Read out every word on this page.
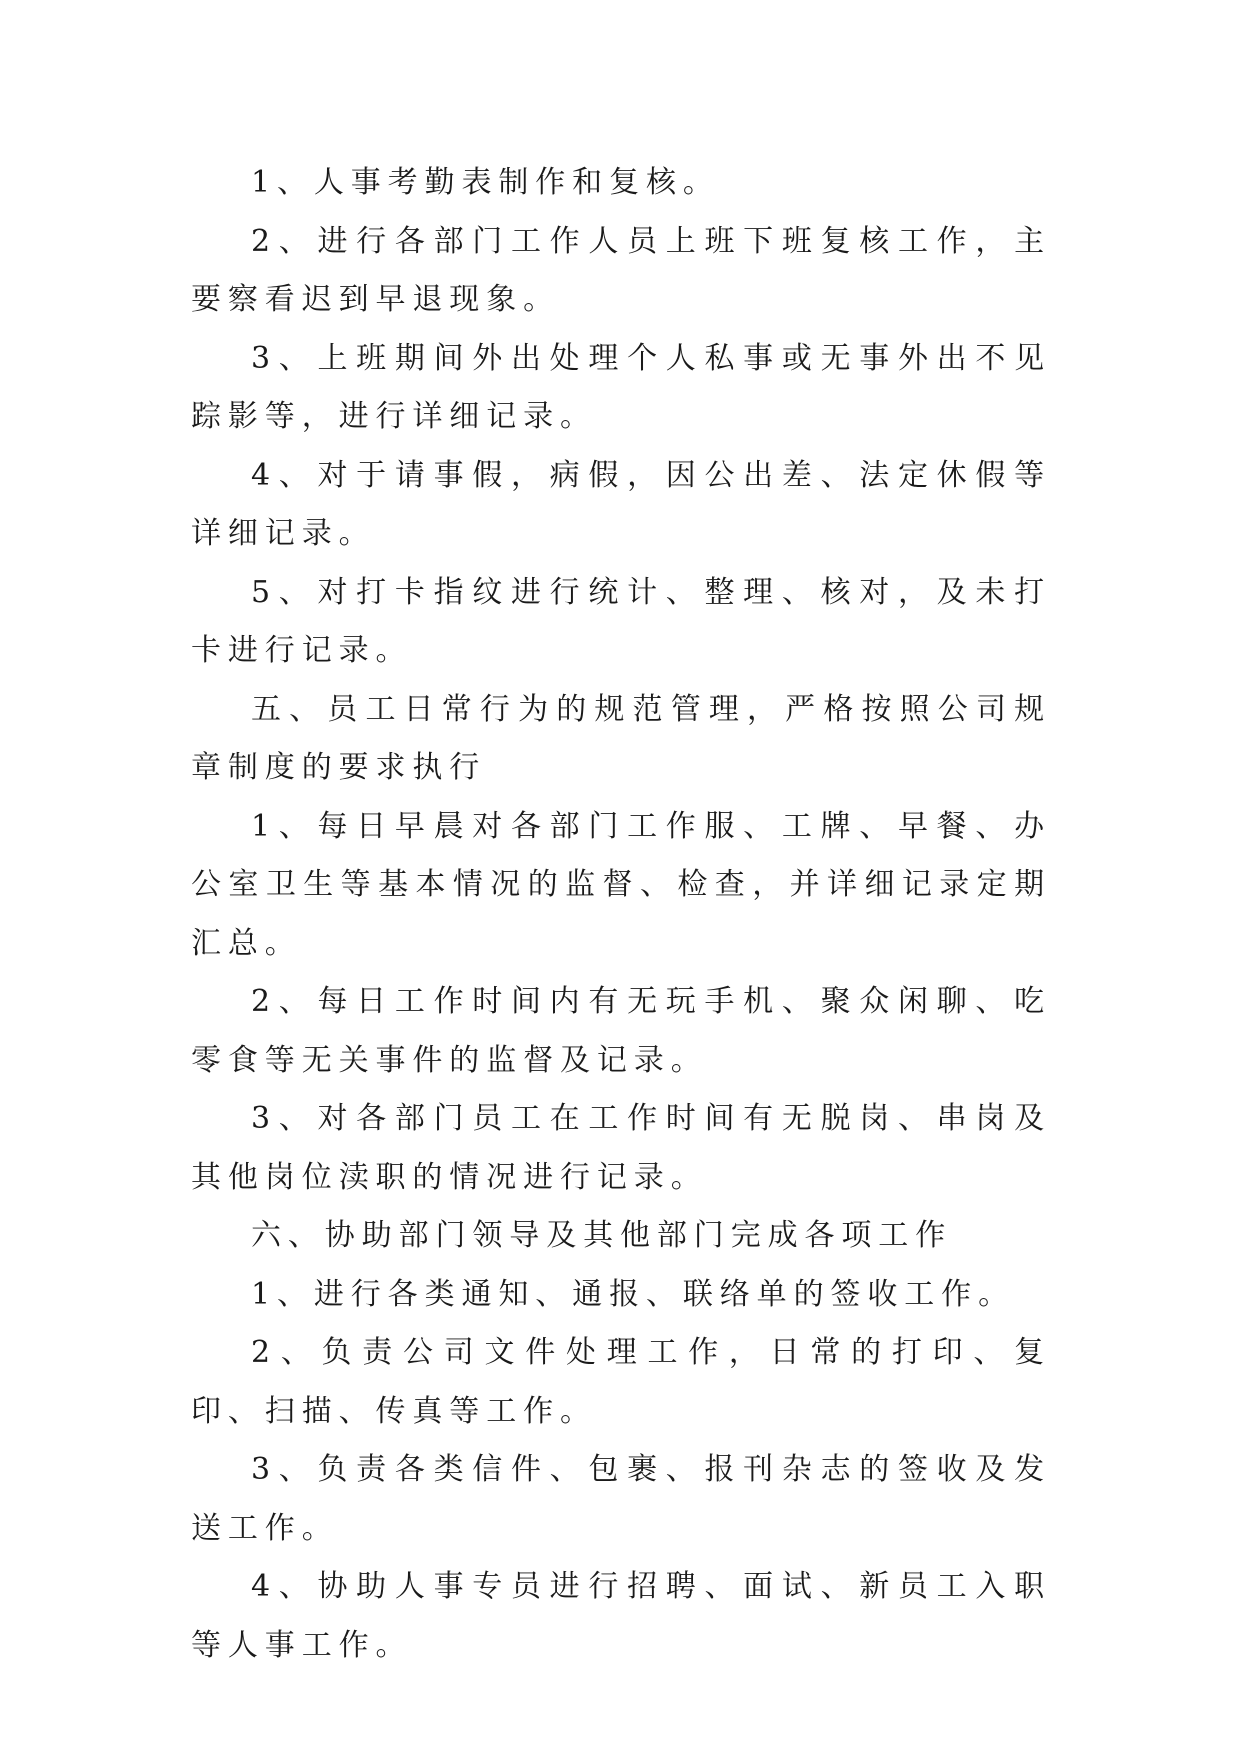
1、人事考勤表制作和复核。

2、进行各部门工作人员上班下班复核工作，主要察看迟到早退现象。

3、上班期间外出处理个人私事或无事外出不见踪影等，进行详细记录。

4、对于请事假，病假，因公出差、法定休假等详细记录。

5、对打卡指纹进行统计、整理、核对，及未打卡进行记录。

五、员工日常行为的规范管理，严格按照公司规章制度的要求执行

1、每日早晨对各部门工作服、工牌、早餐、办公室卫生等基本情况的监督、检查，并详细记录定期汇总。

2、每日工作时间内有无玩手机、聚众闲聊、吃零食等无关事件的监督及记录。

3、对各部门员工在工作时间有无脱岗、串岗及其他岗位渎职的情况进行记录。

六、协助部门领导及其他部门完成各项工作

1、进行各类通知、通报、联络单的签收工作。

2、负责公司文件处理工作，日常的打印、复印、扫描、传真等工作。

3、负责各类信件、包裹、报刊杂志的签收及发送工作。

4、协助人事专员进行招聘、面试、新员工入职等人事工作。
